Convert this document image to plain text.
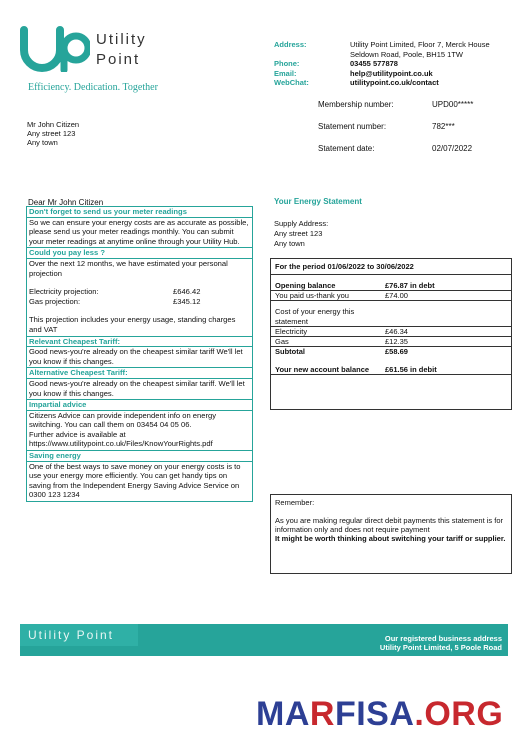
Utility
Point
Efficiency. Dedication. Together
Address:	Utility Point Limited, Floor 7, Merck House
Seldown Road, Poole, BH15 1TW
Phone:	03455 577878
Email:	help@utilitypoint.co.uk
WebChat:	utilitypoint.co.uk/contact
Membership number:	UPD00*****
Statement number:	782***
Statement date:	02/07/2022
Mr John Citizen
Any street 123
Any town
Dear Mr John Citizen
Don't forget to send us your meter readings
So we can ensure your energy costs are as accurate as possible, please send us your meter readings monthly. You can submit your meter readings at anytime online through your Utility Hub.
Could you pay less ?
Over the next 12 months, we have estimated your personal projection
Electricity projection:	£646.42
Gas projection:	£345.12
This projection includes your energy usage, standing charges and VAT
Relevant Cheapest Tariff:
Good news-you're already on the cheapest similar tariff We'll let you know if this changes.
Alternative Cheapest Tariff:
Good news-you're already on the cheapest similar tariff. We'll let you know if this changes.
Impartial advice
Citizens Advice can provide independent info on energy switching. You can call them on 03454 04 05 06.
Further advice is available at
https://www.utilitypoint.co.uk/Files/KnowYourRights.pdf
Saving energy
One of the best ways to save money on your energy costs is to use your energy more efficiently. You can get handy tips on saving from the Independent Energy Saving Advice Service on 0300 123 1234
Your Energy Statement
Supply Address:
Any street 123
Any town
For the period 01/06/2022 to 30/06/2022
Opening balance	£76.87 in debt
You paid us-thank you	£74.00
Cost of your energy this
statement
Electricity	£46.34
Gas	£12.35
Subtotal	£58.69
Your new account balance	£61.56 in debit
Remember:
As you are making regular direct debit payments this statement is for information only and does not require payment
It might be worth thinking about switching your tariff or supplier.
Utility Point	Our registered business address
Utility Point Limited, 5 Poole Road
MARFISA.ORG
